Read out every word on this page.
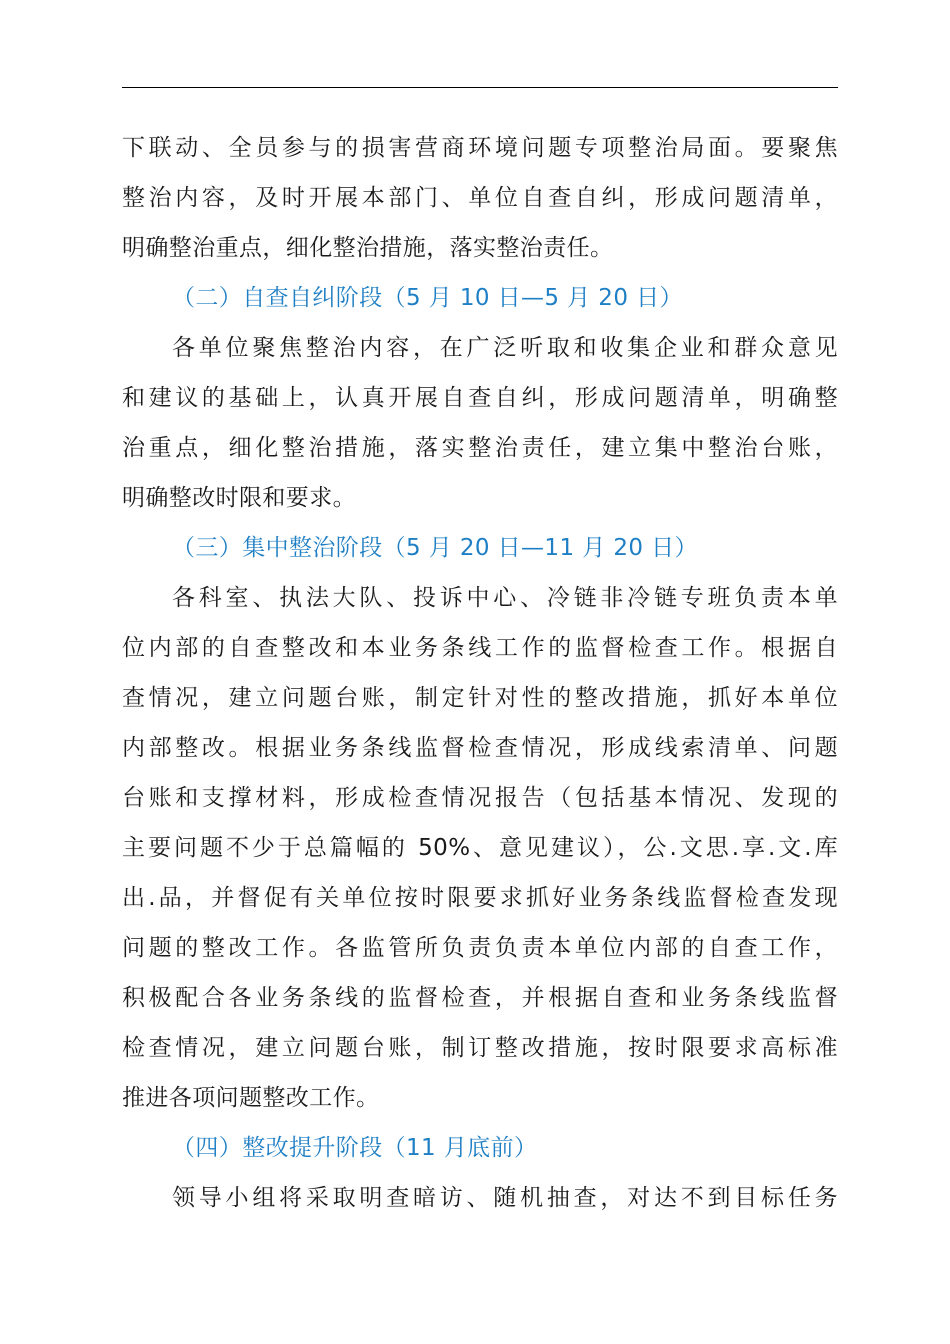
下联动、全员参与的损害营商环境问题专项整治局面。要聚焦
整治内容，及时开展本部门、单位自查自纠，形成问题清单，
明确整治重点，细化整治措施，落实整治责任。
（二）自查自纠阶段（5 月 10 日—5 月 20 日）
各单位聚焦整治内容，在广泛听取和收集企业和群众意见
和建议的基础上，认真开展自查自纠，形成问题清单，明确整
治重点，细化整治措施，落实整治责任，建立集中整治台账，
明确整改时限和要求。
（三）集中整治阶段（5 月 20 日—11 月 20 日）
各科室、执法大队、投诉中心、冷链非冷链专班负责本单
位内部的自查整改和本业务条线工作的监督检查工作。根据自
查情况，建立问题台账，制定针对性的整改措施，抓好本单位
内部整改。根据业务条线监督检查情况，形成线索清单、问题
台账和支撑材料，形成检查情况报告（包括基本情况、发现的
主要问题不少于总篇幅的 50%、意见建议），公.文思.享.文.库
出.品，并督促有关单位按时限要求抓好业务条线监督检查发现
问题的整改工作。各监管所负责负责本单位内部的自查工作，
积极配合各业务条线的监督检查，并根据自查和业务条线监督
检查情况，建立问题台账，制订整改措施，按时限要求高标准
推进各项问题整改工作。
（四）整改提升阶段（11 月底前）
领导小组将采取明查暗访、随机抽查，对达不到目标任务
